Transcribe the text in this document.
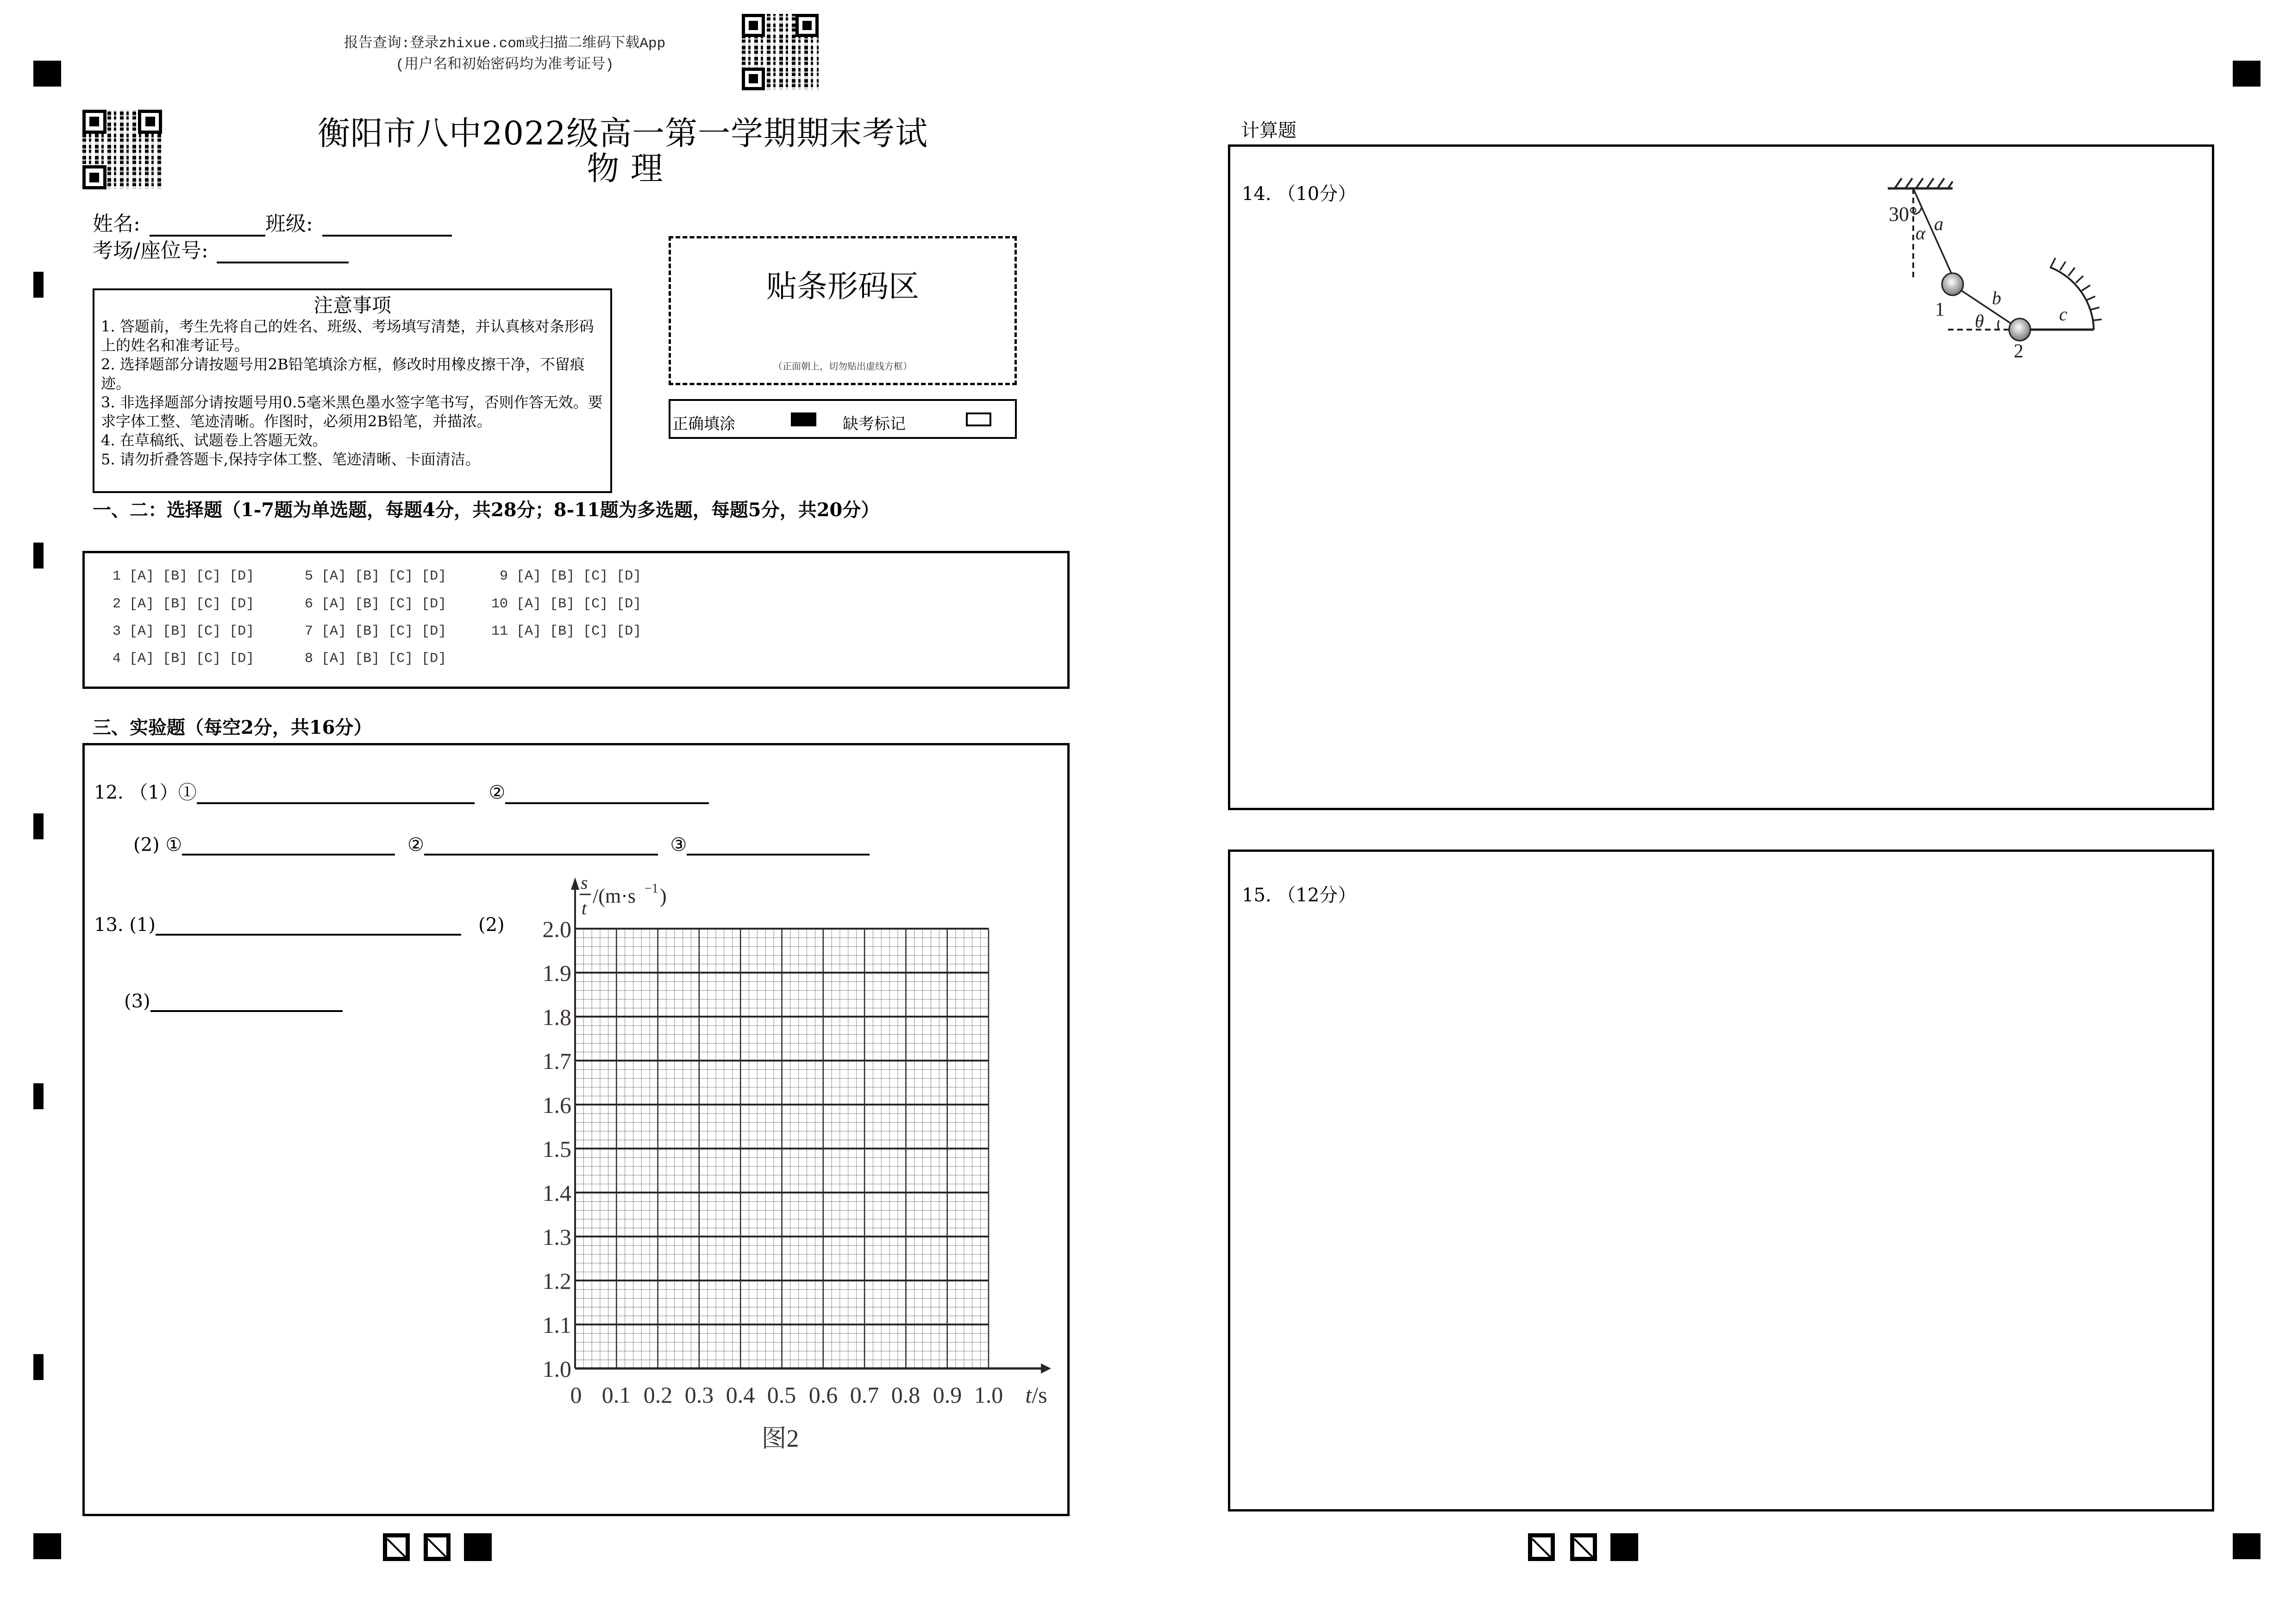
报告查询:登录zhixue.com或扫描二维码下载App
(用户名和初始密码均为准考证号)
衡阳市八中2022级高一第一学期期末考试
物 理
姓名:	班级:
考场/座位号:
注意事项
1. 答题前，考生先将自己的姓名、班级、考场填写清楚，并认真核对条形码上的姓名和准考证号。
2. 选择题部分请按题号用2B铅笔填涂方框，修改时用橡皮擦干净，不留痕迹。
3. 非选择题部分请按题号用0.5毫米黑色墨水签字笔书写，否则作答无效。要求字体工整、笔迹清晰。作图时，必须用2B铅笔，并描浓。
4. 在草稿纸、试题卷上答题无效。
5. 请勿折叠答题卡,保持字体工整、笔迹清晰、卡面清洁。
贴条形码区
（正面朝上，切勿贴出虚线方框）
正确填涂	缺考标记
一、二：选择题（1-7题为单选题，每题4分，共28分；8-11题为多选题，每题5分，共20分）
1 [A] [B] [C] [D]
2 [A] [B] [C] [D]
3 [A] [B] [C] [D]
4 [A] [B] [C] [D]
5 [A] [B] [C] [D]
6 [A] [B] [C] [D]
7 [A] [B] [C] [D]
8 [A] [B] [C] [D]
9 [A] [B] [C] [D]
10 [A] [B] [C] [D]
11 [A] [B] [C] [D]
三、实验题（每空2分，共16分）
12. （1）①	②
(2) ①	②	③
13. (1)	(2)
(3)
s
t
/(m·s −1 )
2.0
1.9
1.8
1.7
1.6
1.5
1.4
1.3
1.2
1.1
1.0
0 0.1 0.2 0.3 0.4 0.5 0.6 0.7 0.8 0.9 1.0 t/s
图2
计算题
14. （10分）
30°
α a
1
b
θ
2
c
15. （12分）
